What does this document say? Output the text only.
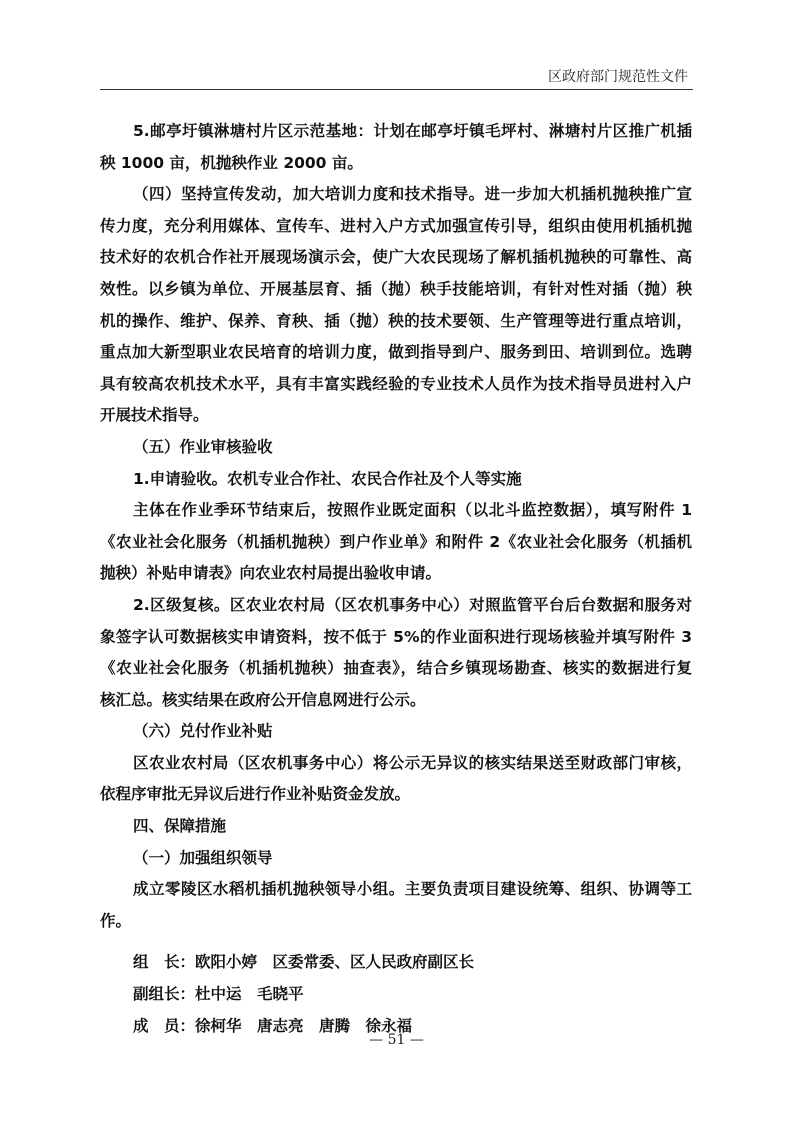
区政府部门规范性文件
5.邮亭圩镇淋塘村片区示范基地：计划在邮亭圩镇毛坪村、淋塘村片区推广机插
秧 1000 亩，机抛秧作业 2000 亩。
（四）坚持宣传发动，加大培训力度和技术指导。进一步加大机插机抛秧推广宣
传力度，充分利用媒体、宣传车、进村入户方式加强宣传引导，组织由使用机插机抛
技术好的农机合作社开展现场演示会，使广大农民现场了解机插机抛秧的可靠性、高
效性。以乡镇为单位、开展基层育、插（抛）秧手技能培训，有针对性对插（抛）秧
机的操作、维护、保养、育秧、插（抛）秧的技术要领、生产管理等进行重点培训，
重点加大新型职业农民培育的培训力度，做到指导到户、服务到田、培训到位。选聘
具有较高农机技术水平，具有丰富实践经验的专业技术人员作为技术指导员进村入户
开展技术指导。
（五）作业审核验收
1.申请验收。农机专业合作社、农民合作社及个人等实施
主体在作业季环节结束后，按照作业既定面积（以北斗监控数据），填写附件 1
《农业社会化服务（机插机抛秧）到户作业单》和附件 2《农业社会化服务（机插机
抛秧）补贴申请表》向农业农村局提出验收申请。
2.区级复核。区农业农村局（区农机事务中心）对照监管平台后台数据和服务对
象签字认可数据核实申请资料，按不低于 5%的作业面积进行现场核验并填写附件 3
《农业社会化服务（机插机抛秧）抽查表》，结合乡镇现场勘查、核实的数据进行复
核汇总。核实结果在政府公开信息网进行公示。
（六）兑付作业补贴
区农业农村局（区农机事务中心）将公示无异议的核实结果送至财政部门审核，
依程序审批无异议后进行作业补贴资金发放。
四、保障措施
（一）加强组织领导
成立零陵区水稻机插机抛秧领导小组。主要负责项目建设统筹、组织、协调等工
作。
组　长：欧阳小婷　区委常委、区人民政府副区长
副组长：杜中运　毛晓平
成　员：徐柯华　唐志亮　唐腾　徐永福
— 51 —
